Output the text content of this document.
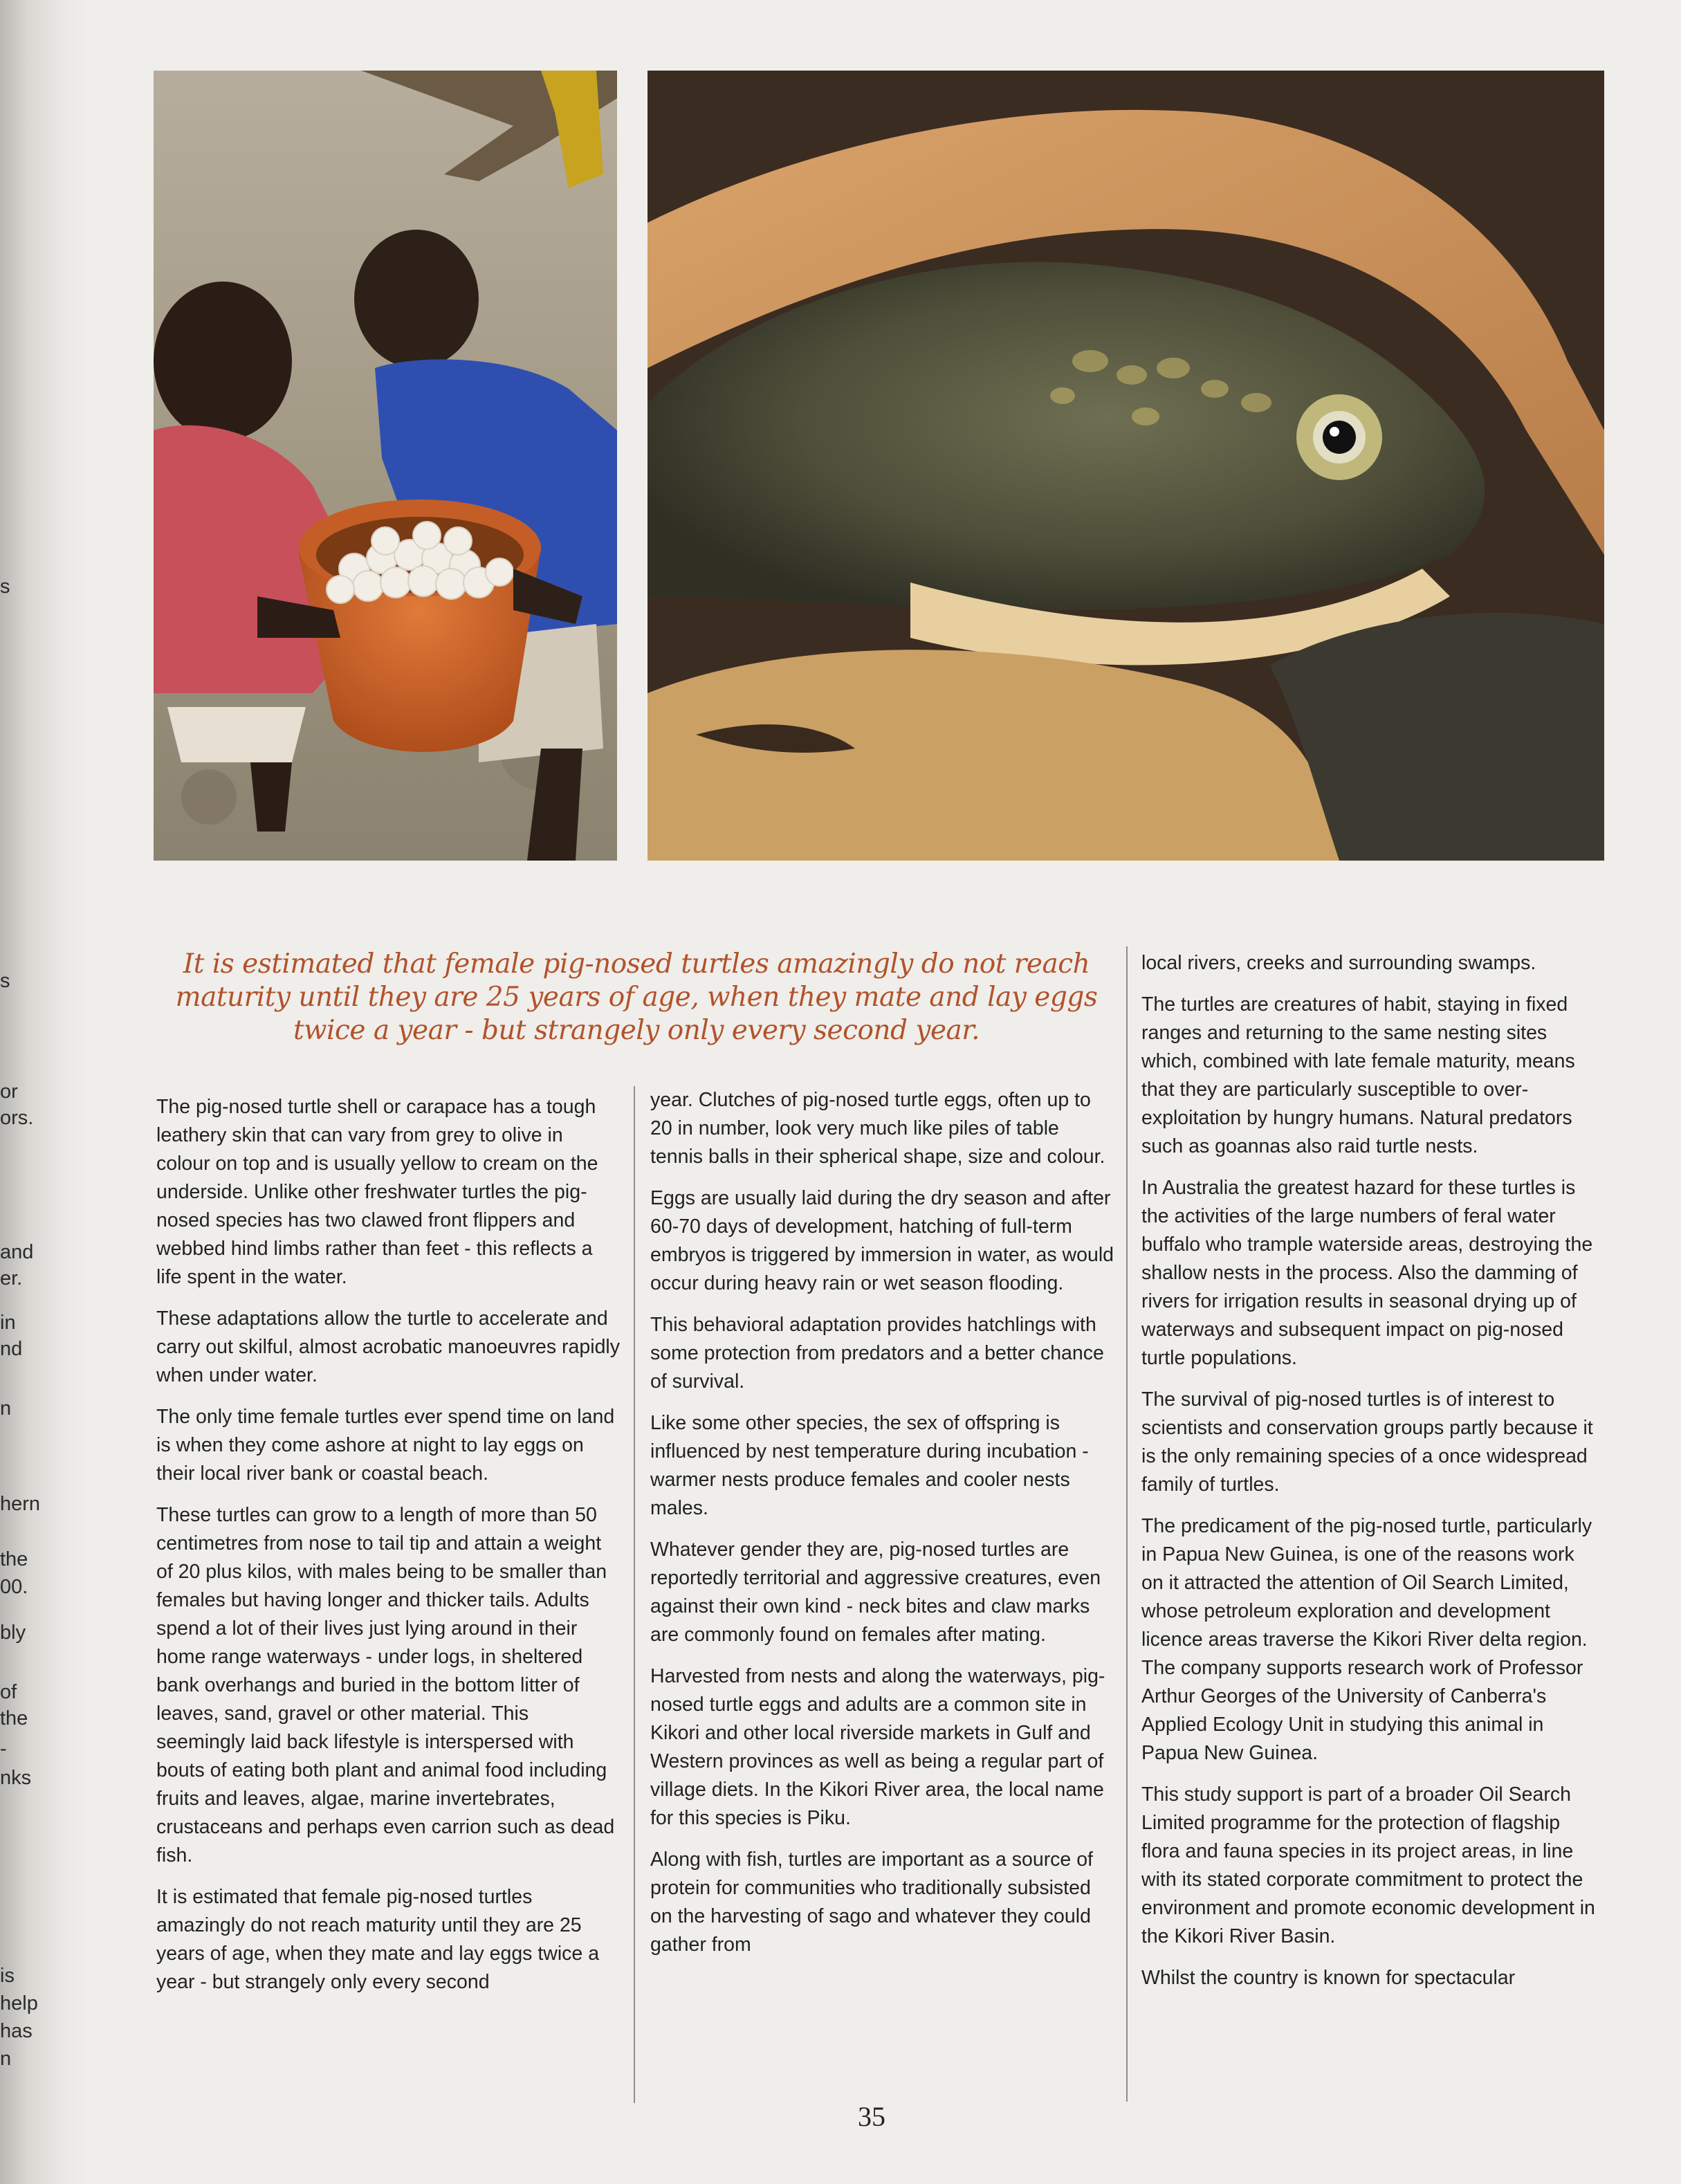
s
s
or
ors.
and
er.
in
nd
n
hern
the
00.
bly
of
the
-
nks
is
help
has
n

It is estimated that female pig-nosed turtles amazingly do not reach maturity until they are 25 years of age, when they mate and lay eggs twice a year - but strangely only every second year.

The pig-nosed turtle shell or carapace has a tough leathery skin that can vary from grey to olive in colour on top and is usually yellow to cream on the underside. Unlike other freshwater turtles the pig-nosed species has two clawed front flippers and webbed hind limbs rather than feet - this reflects a life spent in the water.

These adaptations allow the turtle to accelerate and carry out skilful, almost acrobatic manoeuvres rapidly when under water.

The only time female turtles ever spend time on land is when they come ashore at night to lay eggs on their local river bank or coastal beach.

These turtles can grow to a length of more than 50 centimetres from nose to tail tip and attain a weight of 20 plus kilos, with males being to be smaller than females but having longer and thicker tails. Adults spend a lot of their lives just lying around in their home range waterways - under logs, in sheltered bank overhangs and buried in the bottom litter of leaves, sand, gravel or other material. This seemingly laid back lifestyle is interspersed with bouts of eating both plant and animal food including fruits and leaves, algae, marine invertebrates, crustaceans and perhaps even carrion such as dead fish.

It is estimated that female pig-nosed turtles amazingly do not reach maturity until they are 25 years of age, when they mate and lay eggs twice a year - but strangely only every second

year. Clutches of pig-nosed turtle eggs, often up to 20 in number, look very much like piles of table tennis balls in their spherical shape, size and colour.

Eggs are usually laid during the dry season and after 60-70 days of development, hatching of full-term embryos is triggered by immersion in water, as would occur during heavy rain or wet season flooding.

This behavioral adaptation provides hatchlings with some protection from predators and a better chance of survival.

Like some other species, the sex of offspring is influenced by nest temperature during incubation - warmer nests produce females and cooler nests males.

Whatever gender they are, pig-nosed turtles are reportedly territorial and aggressive creatures, even against their own kind - neck bites and claw marks are commonly found on females after mating.

Harvested from nests and along the waterways, pig-nosed turtle eggs and adults are a common site in Kikori and other local riverside markets in Gulf and Western provinces as well as being a regular part of village diets. In the Kikori River area, the local name for this species is Piku.

Along with fish, turtles are important as a source of protein for communities who traditionally subsisted on the harvesting of sago and whatever they could gather from

local rivers, creeks and surrounding swamps.

The turtles are creatures of habit, staying in fixed ranges and returning to the same nesting sites which, combined with late female maturity, means that they are particularly susceptible to over-exploitation by hungry humans. Natural predators such as goannas also raid turtle nests.

In Australia the greatest hazard for these turtles is the activities of the large numbers of feral water buffalo who trample waterside areas, destroying the shallow nests in the process. Also the damming of rivers for irrigation results in seasonal drying up of waterways and subsequent impact on pig-nosed turtle populations.

The survival of pig-nosed turtles is of interest to scientists and conservation groups partly because it is the only remaining species of a once widespread family of turtles.

The predicament of the pig-nosed turtle, particularly in Papua New Guinea, is one of the reasons work on it attracted the attention of Oil Search Limited, whose petroleum exploration and development licence areas traverse the Kikori River delta region. The company supports research work of Professor Arthur Georges of the University of Canberra's Applied Ecology Unit in studying this animal in Papua New Guinea.

This study support is part of a broader Oil Search Limited programme for the protection of flagship flora and fauna species in its project areas, in line with its stated corporate commitment to protect the environment and promote economic development in the Kikori River Basin.

Whilst the country is known for spectacular

35
